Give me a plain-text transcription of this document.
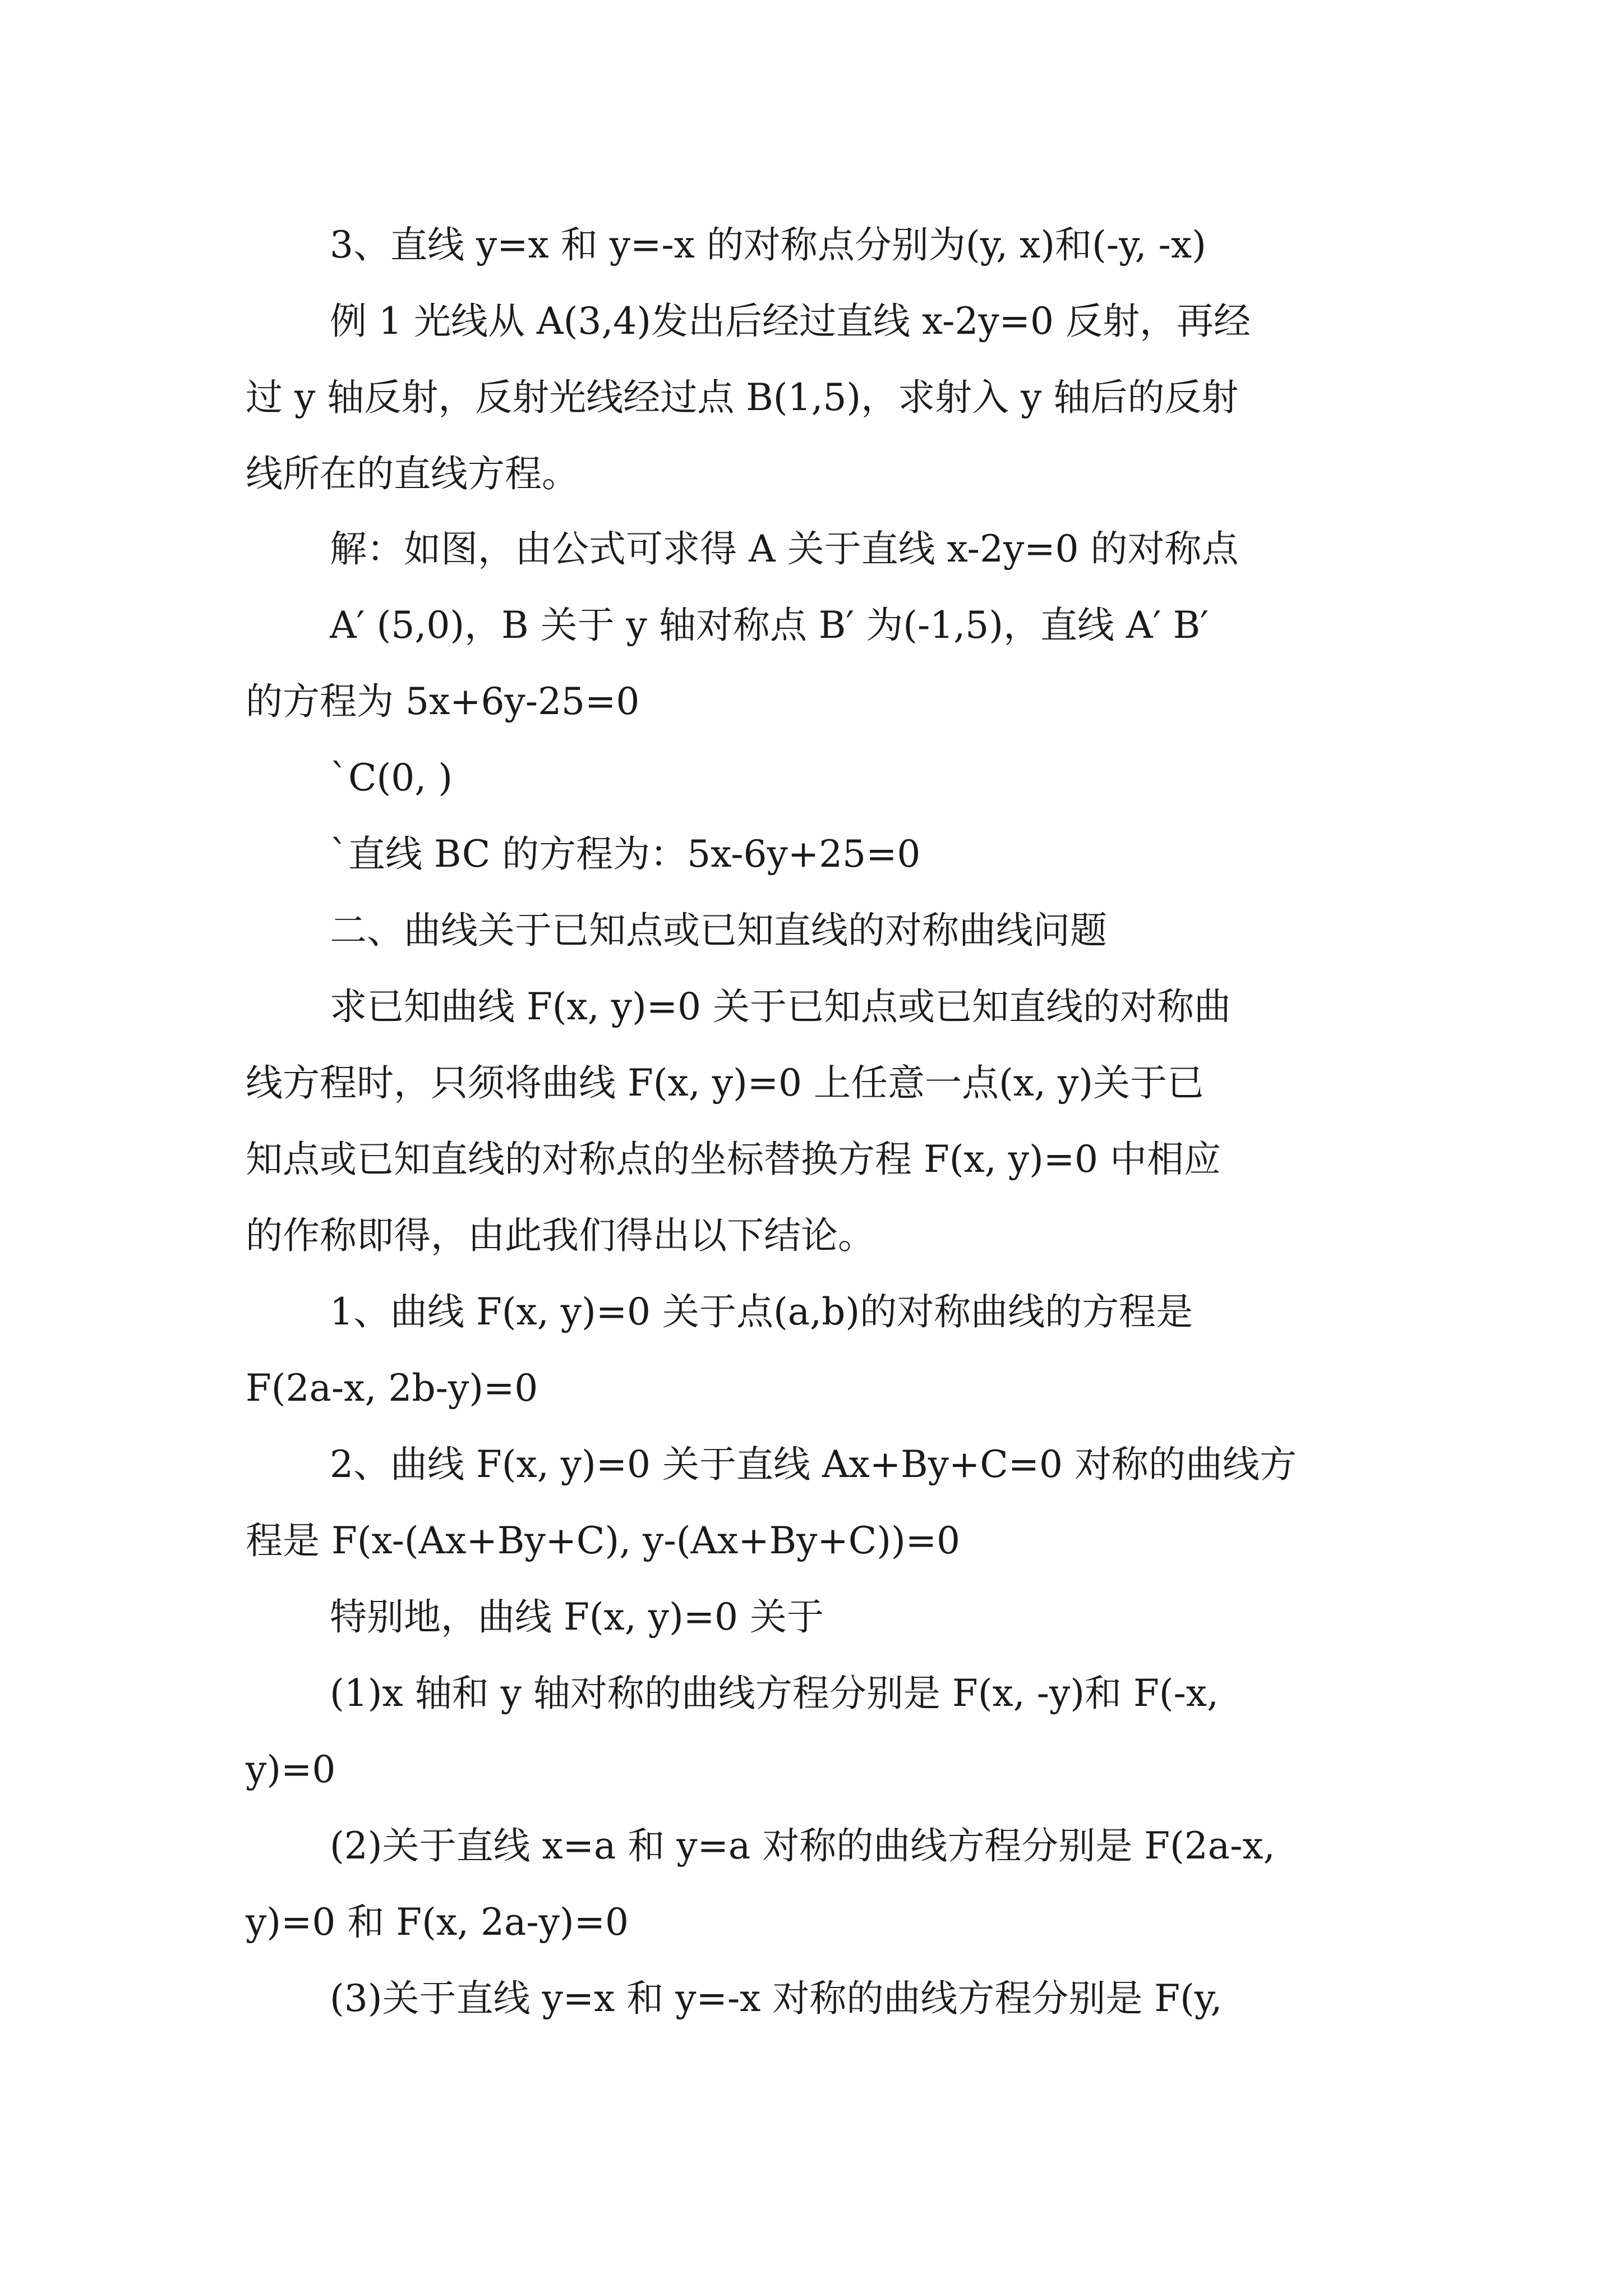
3、直线 y=x 和 y=-x 的对称点分别为(y, x)和(-y, -x)
例 1 光线从 A(3,4)发出后经过直线 x-2y=0 反射，再经
过 y 轴反射，反射光线经过点 B(1,5)，求射入 y 轴后的反射
线所在的直线方程。
解：如图，由公式可求得 A 关于直线 x-2y=0 的对称点
A′ (5,0)，B 关于 y 轴对称点 B′ 为(-1,5)，直线 A′ B′
的方程为 5x+6y-25=0
`C(0, )
`直线 BC 的方程为：5x-6y+25=0
二、曲线关于已知点或已知直线的对称曲线问题
求已知曲线 F(x, y)=0 关于已知点或已知直线的对称曲
线方程时，只须将曲线 F(x, y)=0 上任意一点(x, y)关于已
知点或已知直线的对称点的坐标替换方程 F(x, y)=0 中相应
的作称即得，由此我们得出以下结论。
1、曲线 F(x, y)=0 关于点(a,b)的对称曲线的方程是
F(2a-x, 2b-y)=0
2、曲线 F(x, y)=0 关于直线 Ax+By+C=0 对称的曲线方
程是 F(x-(Ax+By+C), y-(Ax+By+C))=0
特别地，曲线 F(x, y)=0 关于
(1)x 轴和 y 轴对称的曲线方程分别是 F(x, -y)和 F(-x,
y)=0
(2)关于直线 x=a 和 y=a 对称的曲线方程分别是 F(2a-x,
y)=0 和 F(x, 2a-y)=0
(3)关于直线 y=x 和 y=-x 对称的曲线方程分别是 F(y,
